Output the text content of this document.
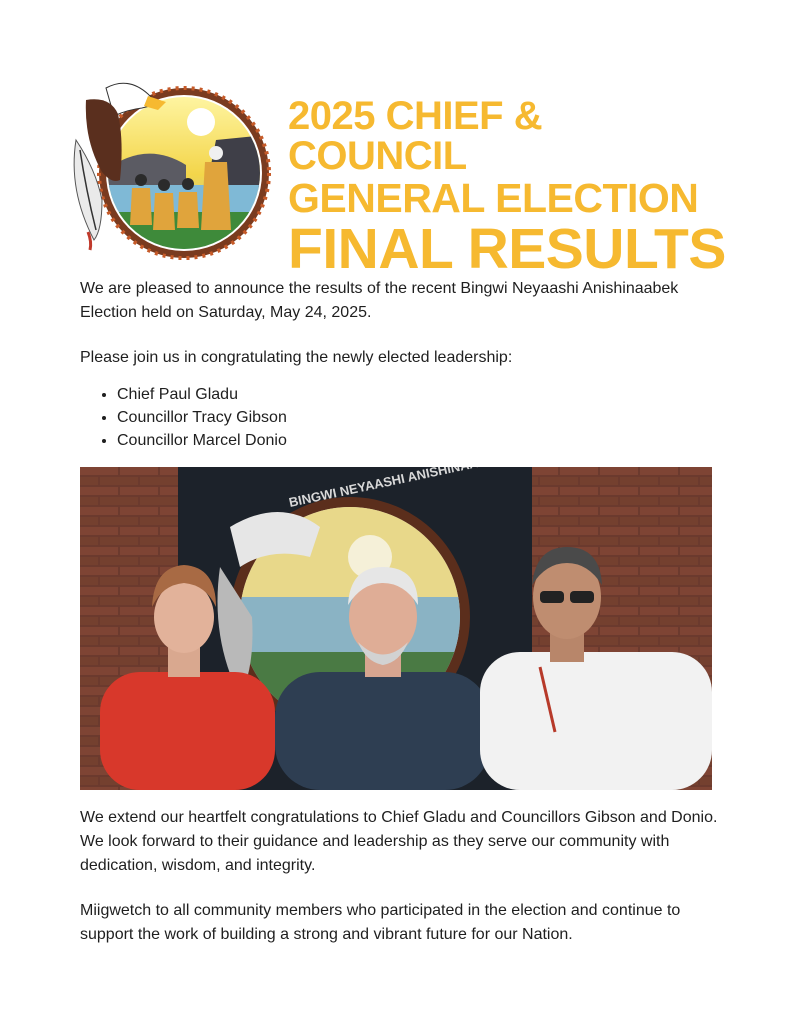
2025 CHIEF & COUNCIL
GENERAL ELECTION
FINAL RESULTS

We are pleased to announce the results of the recent Bingwi Neyaashi Anishinaabek Election held on Saturday, May 24, 2025.

Please join us in congratulating the newly elected leadership:

• Chief Paul Gladu
• Councillor Tracy Gibson
• Councillor Marcel Donio

We extend our heartfelt congratulations to Chief Gladu and Councillors Gibson and Donio. We look forward to their guidance and leadership as they serve our community with dedication, wisdom, and integrity.

Miigwetch to all community members who participated in the election and continue to support the work of building a strong and vibrant future for our Nation.
